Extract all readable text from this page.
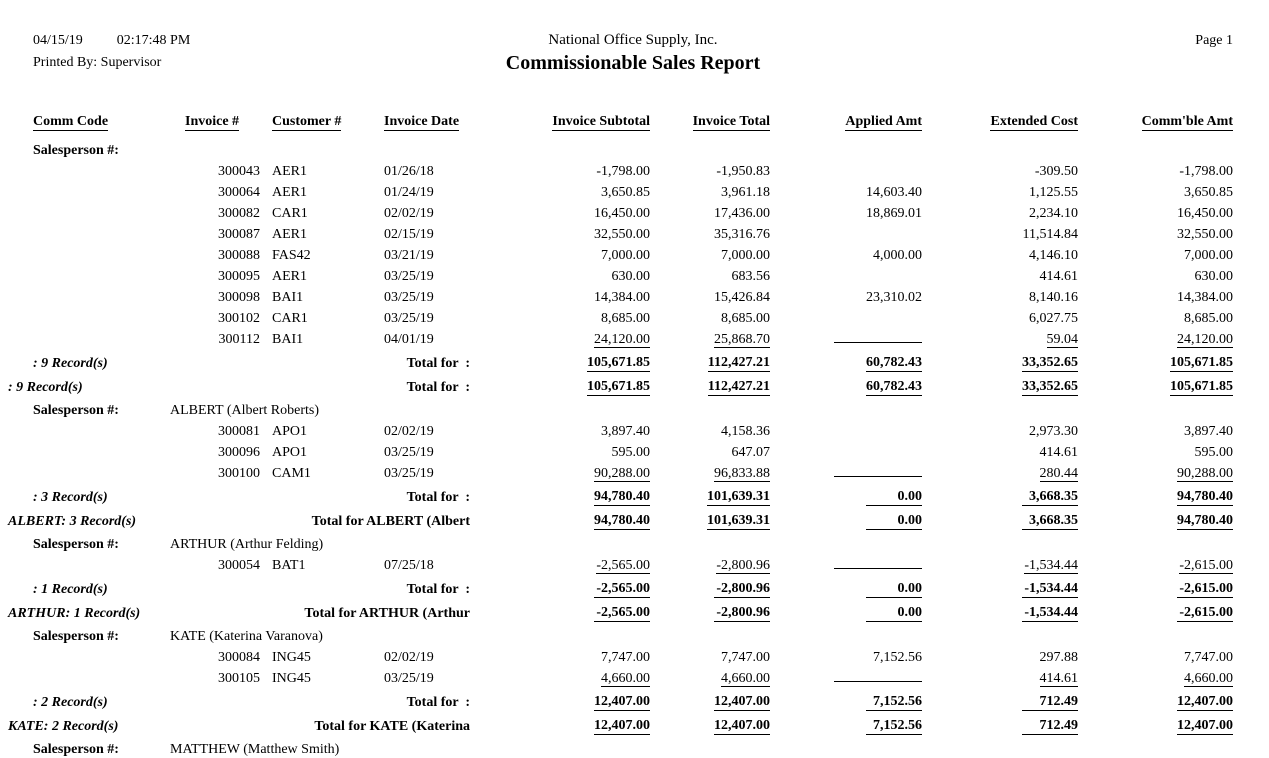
04/15/19 02:17:48 PM
Printed By: Supervisor
National Office Supply, Inc.
Commissionable Sales Report
Page 1
Comm Code	Invoice #	Customer #	Invoice Date	Invoice Subtotal	Invoice Total	Applied Amt	Extended Cost	Comm'ble Amt

Salesperson #:								
	300043	AER1	01/26/18	-1,798.00	-1,950.83		-309.50	-1,798.00
	300064	AER1	01/24/19	3,650.85	3,961.18	14,603.40	1,125.55	3,650.85
	300082	CAR1	02/02/19	16,450.00	17,436.00	18,869.01	2,234.10	16,450.00
	300087	AER1	02/15/19	32,550.00	35,316.76		11,514.84	32,550.00
	300088	FAS42	03/21/19	7,000.00	7,000.00	4,000.00	4,146.10	7,000.00
	300095	AER1	03/25/19	630.00	683.56		414.61	630.00
	300098	BAI1	03/25/19	14,384.00	15,426.84	23,310.02	8,140.16	14,384.00
	300102	CAR1	03/25/19	8,685.00	8,685.00		6,027.75	8,685.00
	300112	BAI1	04/01/19	24,120.00	25,868.70		59.04	24,120.00
: 9 Record(s)	Total for  :			105,671.85	112,427.21	60,782.43	33,352.65	105,671.85
: 9 Record(s)	Total for  :			105,671.85	112,427.21	60,782.43	33,352.65	105,671.85
Salesperson #:	ALBERT (Albert Roberts)							
	300081	APO1	02/02/19	3,897.40	4,158.36		2,973.30	3,897.40
	300096	APO1	03/25/19	595.00	647.07		414.61	595.00
	300100	CAM1	03/25/19	90,288.00	96,833.88		280.44	90,288.00
: 3 Record(s)	Total for  :			94,780.40	101,639.31	0.00	3,668.35	94,780.40
ALBERT: 3 Record(s)	Total for ALBERT (Albert			94,780.40	101,639.31	0.00	3,668.35	94,780.40
Salesperson #:	ARTHUR (Arthur Felding)							
	300054	BAT1	07/25/18	-2,565.00	-2,800.96		-1,534.44	-2,615.00
: 1 Record(s)	Total for  :			-2,565.00	-2,800.96	0.00	-1,534.44	-2,615.00
ARTHUR: 1 Record(s)	Total for ARTHUR (Arthur			-2,565.00	-2,800.96	0.00	-1,534.44	-2,615.00
Salesperson #:	KATE (Katerina Varanova)							
	300084	ING45	02/02/19	7,747.00	7,747.00	7,152.56	297.88	7,747.00
	300105	ING45	03/25/19	4,660.00	4,660.00		414.61	4,660.00
: 2 Record(s)	Total for  :			12,407.00	12,407.00	7,152.56	712.49	12,407.00
KATE: 2 Record(s)	Total for KATE (Katerina			12,407.00	12,407.00	7,152.56	712.49	12,407.00
Salesperson #:	MATTHEW (Matthew Smith)							
